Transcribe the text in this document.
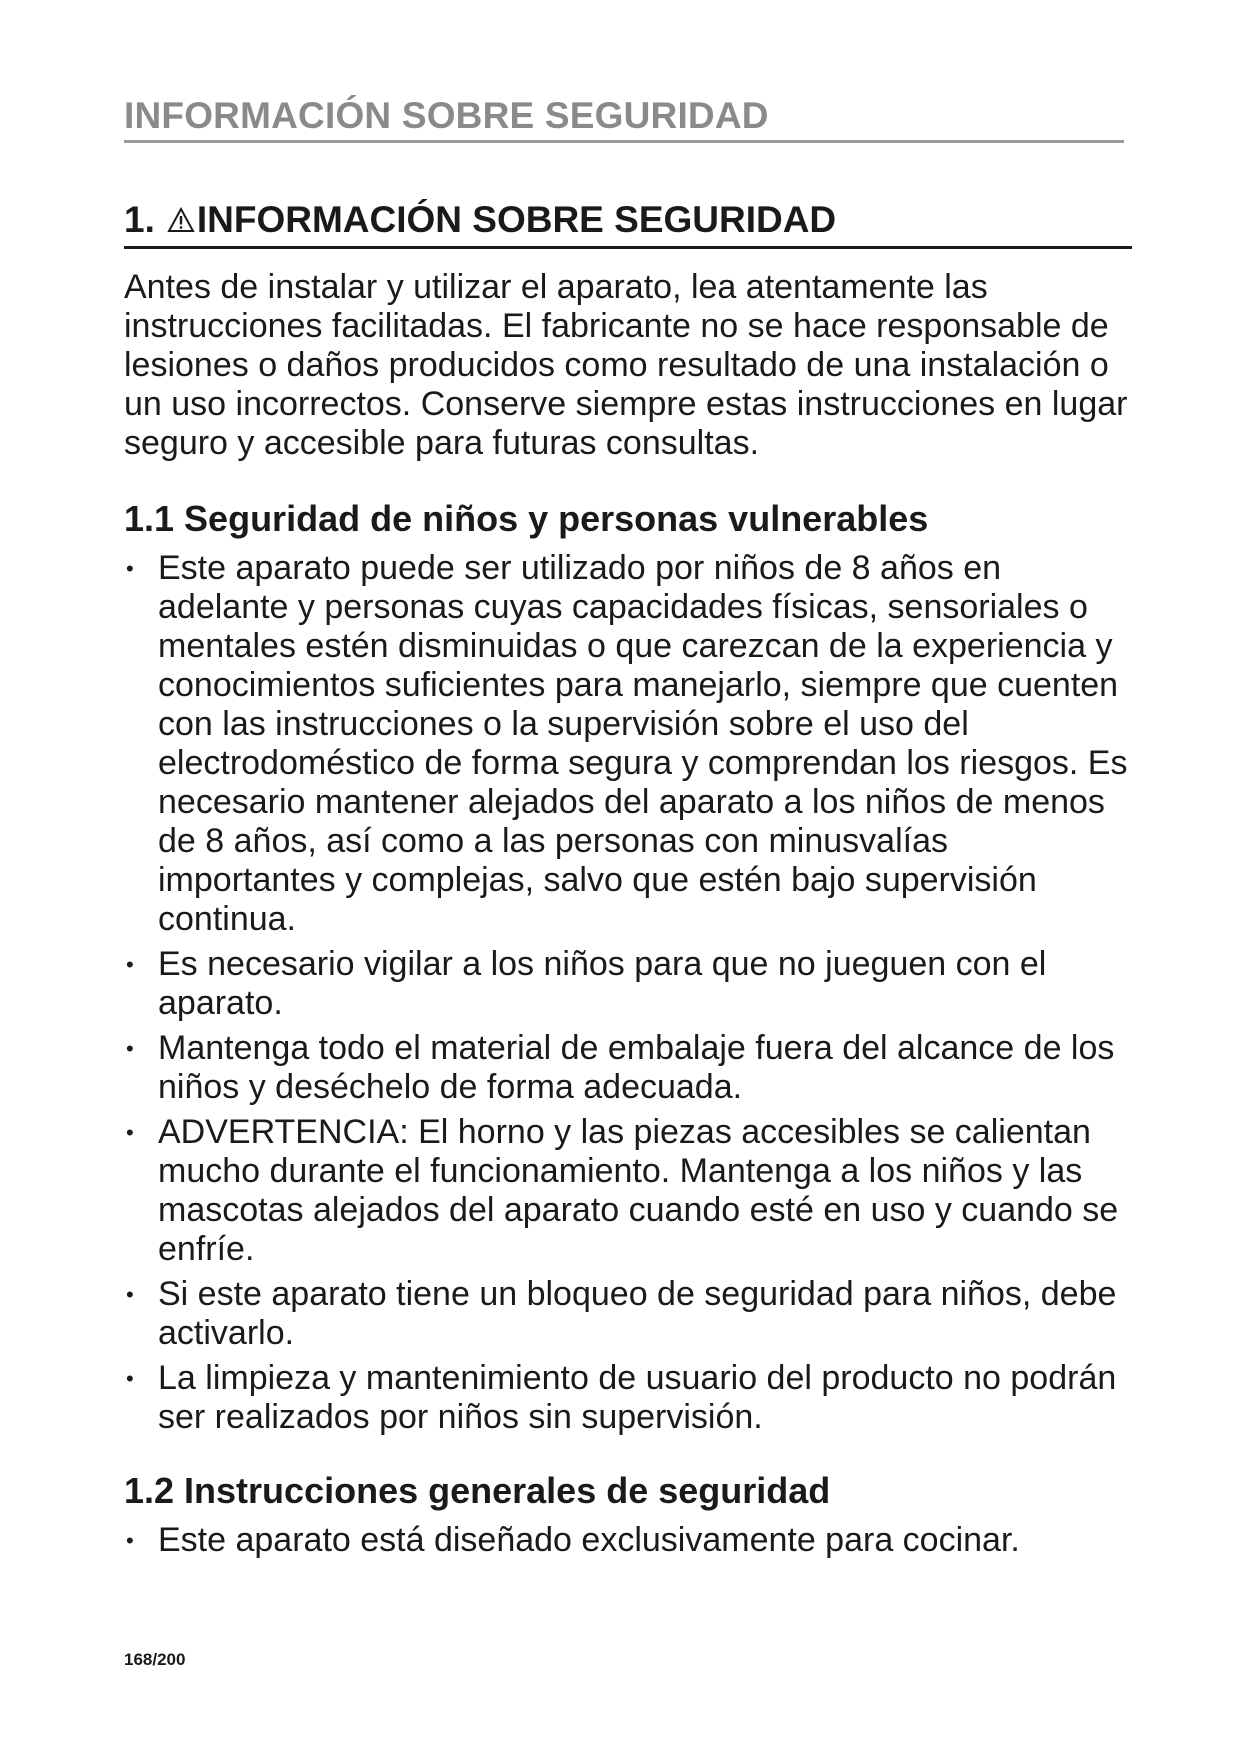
INFORMACIÓN SOBRE SEGURIDAD
1. INFORMACIÓN SOBRE SEGURIDAD

Antes de instalar y utilizar el aparato, lea atentamente las instrucciones facilitadas. El fabricante no se hace responsable de lesiones o daños producidos como resultado de una instalación o un uso incorrectos. Conserve siempre estas instrucciones en lugar seguro y accesible para futuras consultas.

1.1 Seguridad de niños y personas vulnerables
• Este aparato puede ser utilizado por niños de 8 años en adelante y personas cuyas capacidades físicas, sensoriales o mentales estén disminuidas o que carezcan de la experiencia y conocimientos suficientes para manejarlo, siempre que cuenten con las instrucciones o la supervisión sobre el uso del electrodoméstico de forma segura y comprendan los riesgos. Es necesario mantener alejados del aparato a los niños de menos de 8 años, así como a las personas con minusvalías importantes y complejas, salvo que estén bajo supervisión continua.
• Es necesario vigilar a los niños para que no jueguen con el aparato.
• Mantenga todo el material de embalaje fuera del alcance de los niños y deséchelo de forma adecuada.
• ADVERTENCIA: El horno y las piezas accesibles se calientan mucho durante el funcionamiento. Mantenga a los niños y las mascotas alejados del aparato cuando esté en uso y cuando se enfríe.
• Si este aparato tiene un bloqueo de seguridad para niños, debe activarlo.
• La limpieza y mantenimiento de usuario del producto no podrán ser realizados por niños sin supervisión.
1.2 Instrucciones generales de seguridad
• Este aparato está diseñado exclusivamente para cocinar.
168/200
